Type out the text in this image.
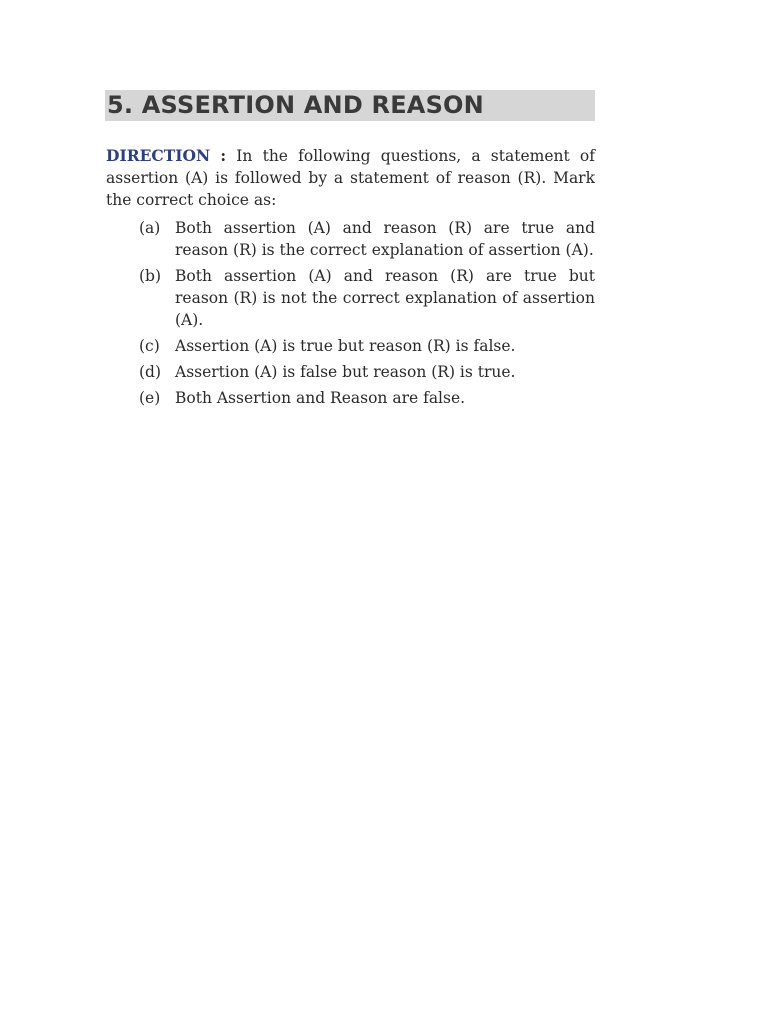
5. ASSERTION AND REASON

DIRECTION : In the following questions, a statement of assertion (A) is followed by a statement of reason (R). Mark the correct choice as:

(a) Both assertion (A) and reason (R) are true and reason (R) is the correct explanation of assertion (A).
(b) Both assertion (A) and reason (R) are true but reason (R) is not the correct explanation of assertion (A).
(c) Assertion (A) is true but reason (R) is false.
(d) Assertion (A) is false but reason (R) is true.
(e) Both Assertion and Reason are false.
